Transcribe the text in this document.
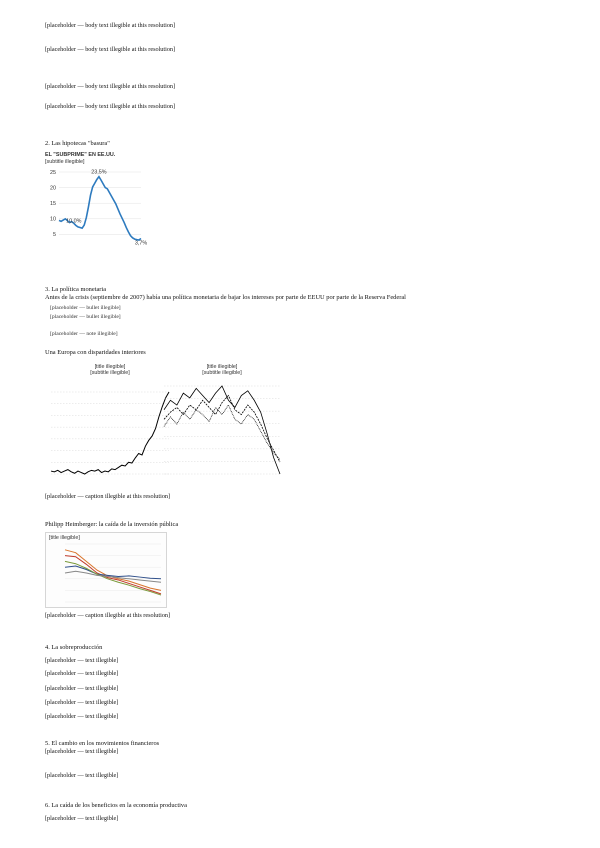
[placeholder — body text illegible at this resolution]
[placeholder — body text illegible at this resolution]
[placeholder — body text illegible at this resolution]
[placeholder — body text illegible at this resolution]
2. Las hipotecas "basura"
EL "SUBPRIME" EN EE.UU.
[subtitle illegible]
5
10
15
20
25
10,0%
23,5%
3,7%
3. La política monetaria
Antes de la crisis (septiembre de 2007) había una política monetaria de bajar los intereses por parte de EEUU por parte de la Reserva Federal
[placeholder — bullet illegible]
[placeholder — bullet illegible]
[placeholder — note illegible]
Una Europa con disparidades interiores
[title illegible]
[subtitle illegible]
[title illegible]
[subtitle illegible]
[placeholder — caption illegible at this resolution]
Philipp Heimberger: la caída de la inversión pública
[title illegible]
[placeholder — caption illegible at this resolution]
4. La sobreproducción
[placeholder — text illegible]
[placeholder — text illegible]
[placeholder — text illegible]
[placeholder — text illegible]
[placeholder — text illegible]
5. El cambio en los movimientos financieros
[placeholder — text illegible]
[placeholder — text illegible]
6. La caída de los beneficios en la economía productiva
[placeholder — text illegible]
